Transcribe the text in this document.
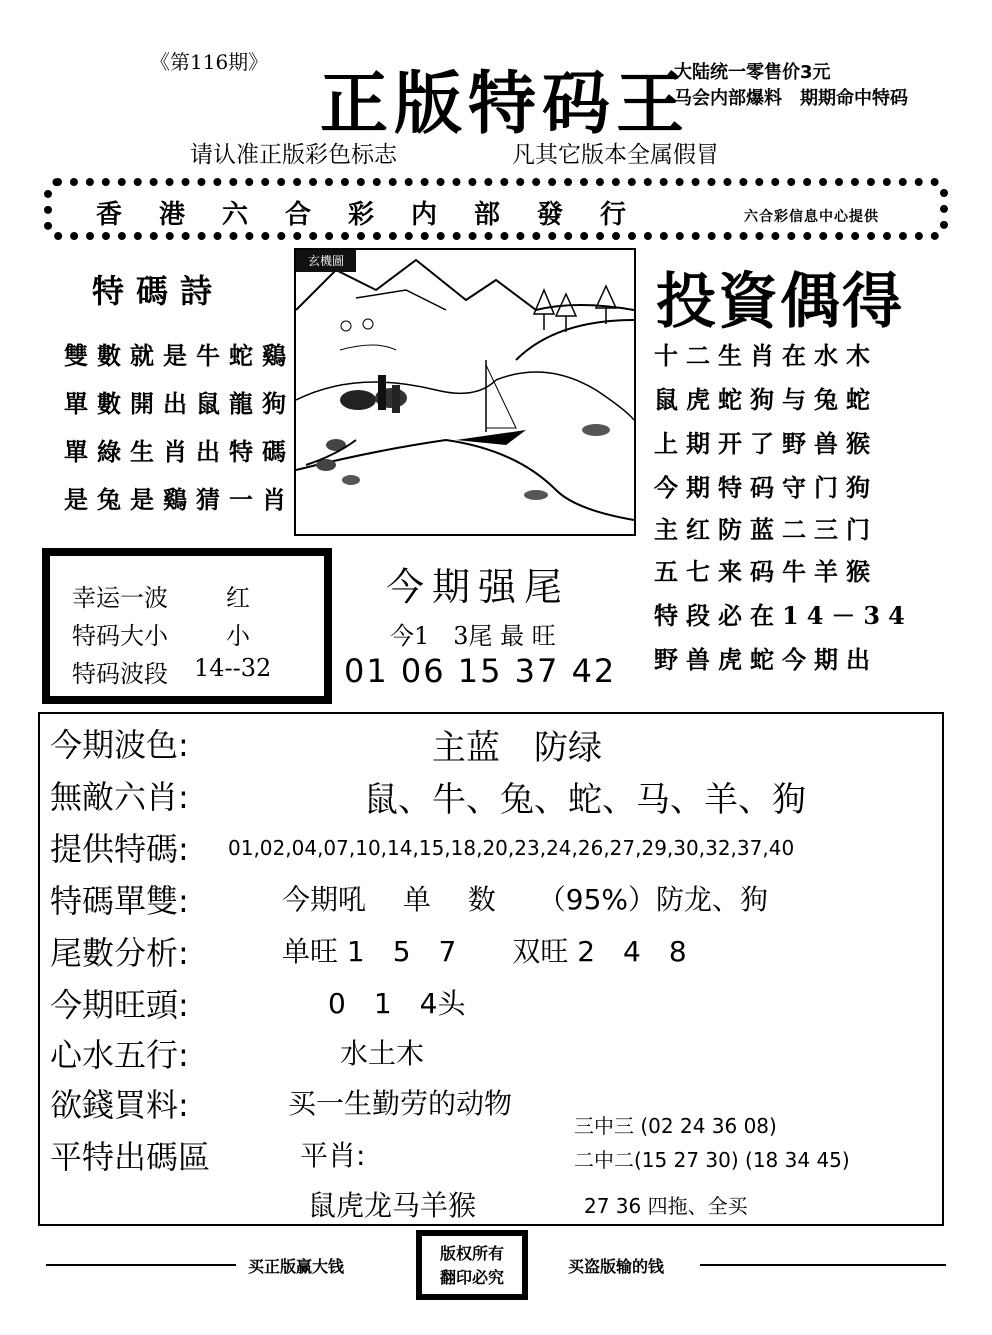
《第116期》
正版特码王
大陆统一零售价3元
马会内部爆料　期期命中特码
请认准正版彩色标志	凡其它版本全属假冒
香港六合彩内部發行	六合彩信息中心提供
特碼詩
雙數就是牛蛇鷄
單數開出鼠龍狗
單綠生肖出特碼
是兔是鷄猜一肖
玄機圖
投資偶得
十二生肖在水木
鼠虎蛇狗与兔蛇
上期开了野兽猴
今期特码守门狗
主红防蓝二三门
五七来码牛羊猴
特段必在14－34
野兽虎蛇今期出
幸运一波 红
特码大小 小
特码波段 14--32
今期强尾
今1　3尾 最 旺
01 06 15 37 42
今期波色:	主蓝　防绿
無敵六肖:	鼠、牛、兔、蛇、马、羊、狗
提供特碼: 01,02,04,07,10,14,15,18,20,23,24,26,27,29,30,32,37,40
特碼單雙:	今期吼　 单　 数　　（95%）防龙、狗
尾數分析:	单旺 1　5　7　　双旺 2　4　8
今期旺頭:	0　1　4头
心水五行:	水土木
欲錢買料:	买一生勤劳的动物
平特出碼區	平肖:
三中三 (02 24 36 08)
二中二(15 27 30) (18 34 45)
鼠虎龙马羊猴	27 36 四拖、全买
买正版赢大钱
版权所有
翻印必究
买盗版输的钱
